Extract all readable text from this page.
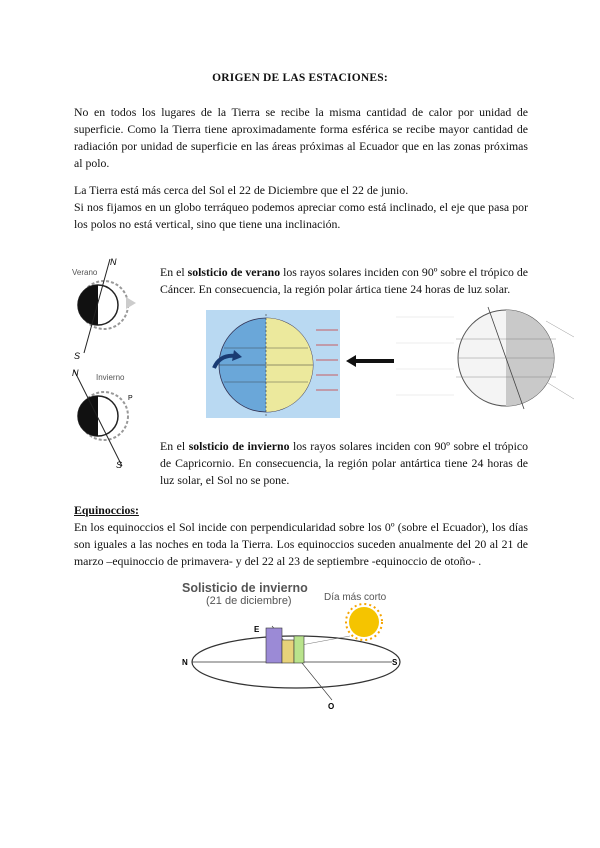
ORIGEN DE LAS ESTACIONES:

No en todos los lugares de la Tierra se recibe la misma cantidad de calor por unidad de superficie. Como la Tierra tiene aproximadamente forma esférica se recibe mayor cantidad de radiación por unidad de superficie en las áreas próximas al Ecuador que en las zonas próximas al polo.

La Tierra está más cerca del Sol el 22 de Diciembre que el 22 de junio.

Si nos fijamos en un globo terráqueo podemos apreciar como está inclinado, el eje que pasa por los polos no está vertical, sino que tiene una inclinación.

Verano
N
S
Invierno
N
S
P

En el solsticio de verano los rayos solares inciden con 90º sobre el trópico de Cáncer. En consecuencia, la región polar ártica tiene 24 horas de luz solar.

En el solsticio de invierno los rayos solares inciden con 90º sobre el trópico de Capricornio. En consecuencia, la región polar antártica tiene 24 horas de luz solar, el Sol no se pone.

Equinoccios:

En los equinoccios el Sol incide con perpendicularidad sobre los 0º (sobre el Ecuador), los días son iguales a las noches en toda la Tierra. Los equinoccios suceden anualmente del 20 al 21 de marzo –equinoccio de primavera- y del 22 al 23 de septiembre -equinoccio de otoño- .

Solisticio de invierno
(21 de diciembre)	Día más corto
E
N	S
O
